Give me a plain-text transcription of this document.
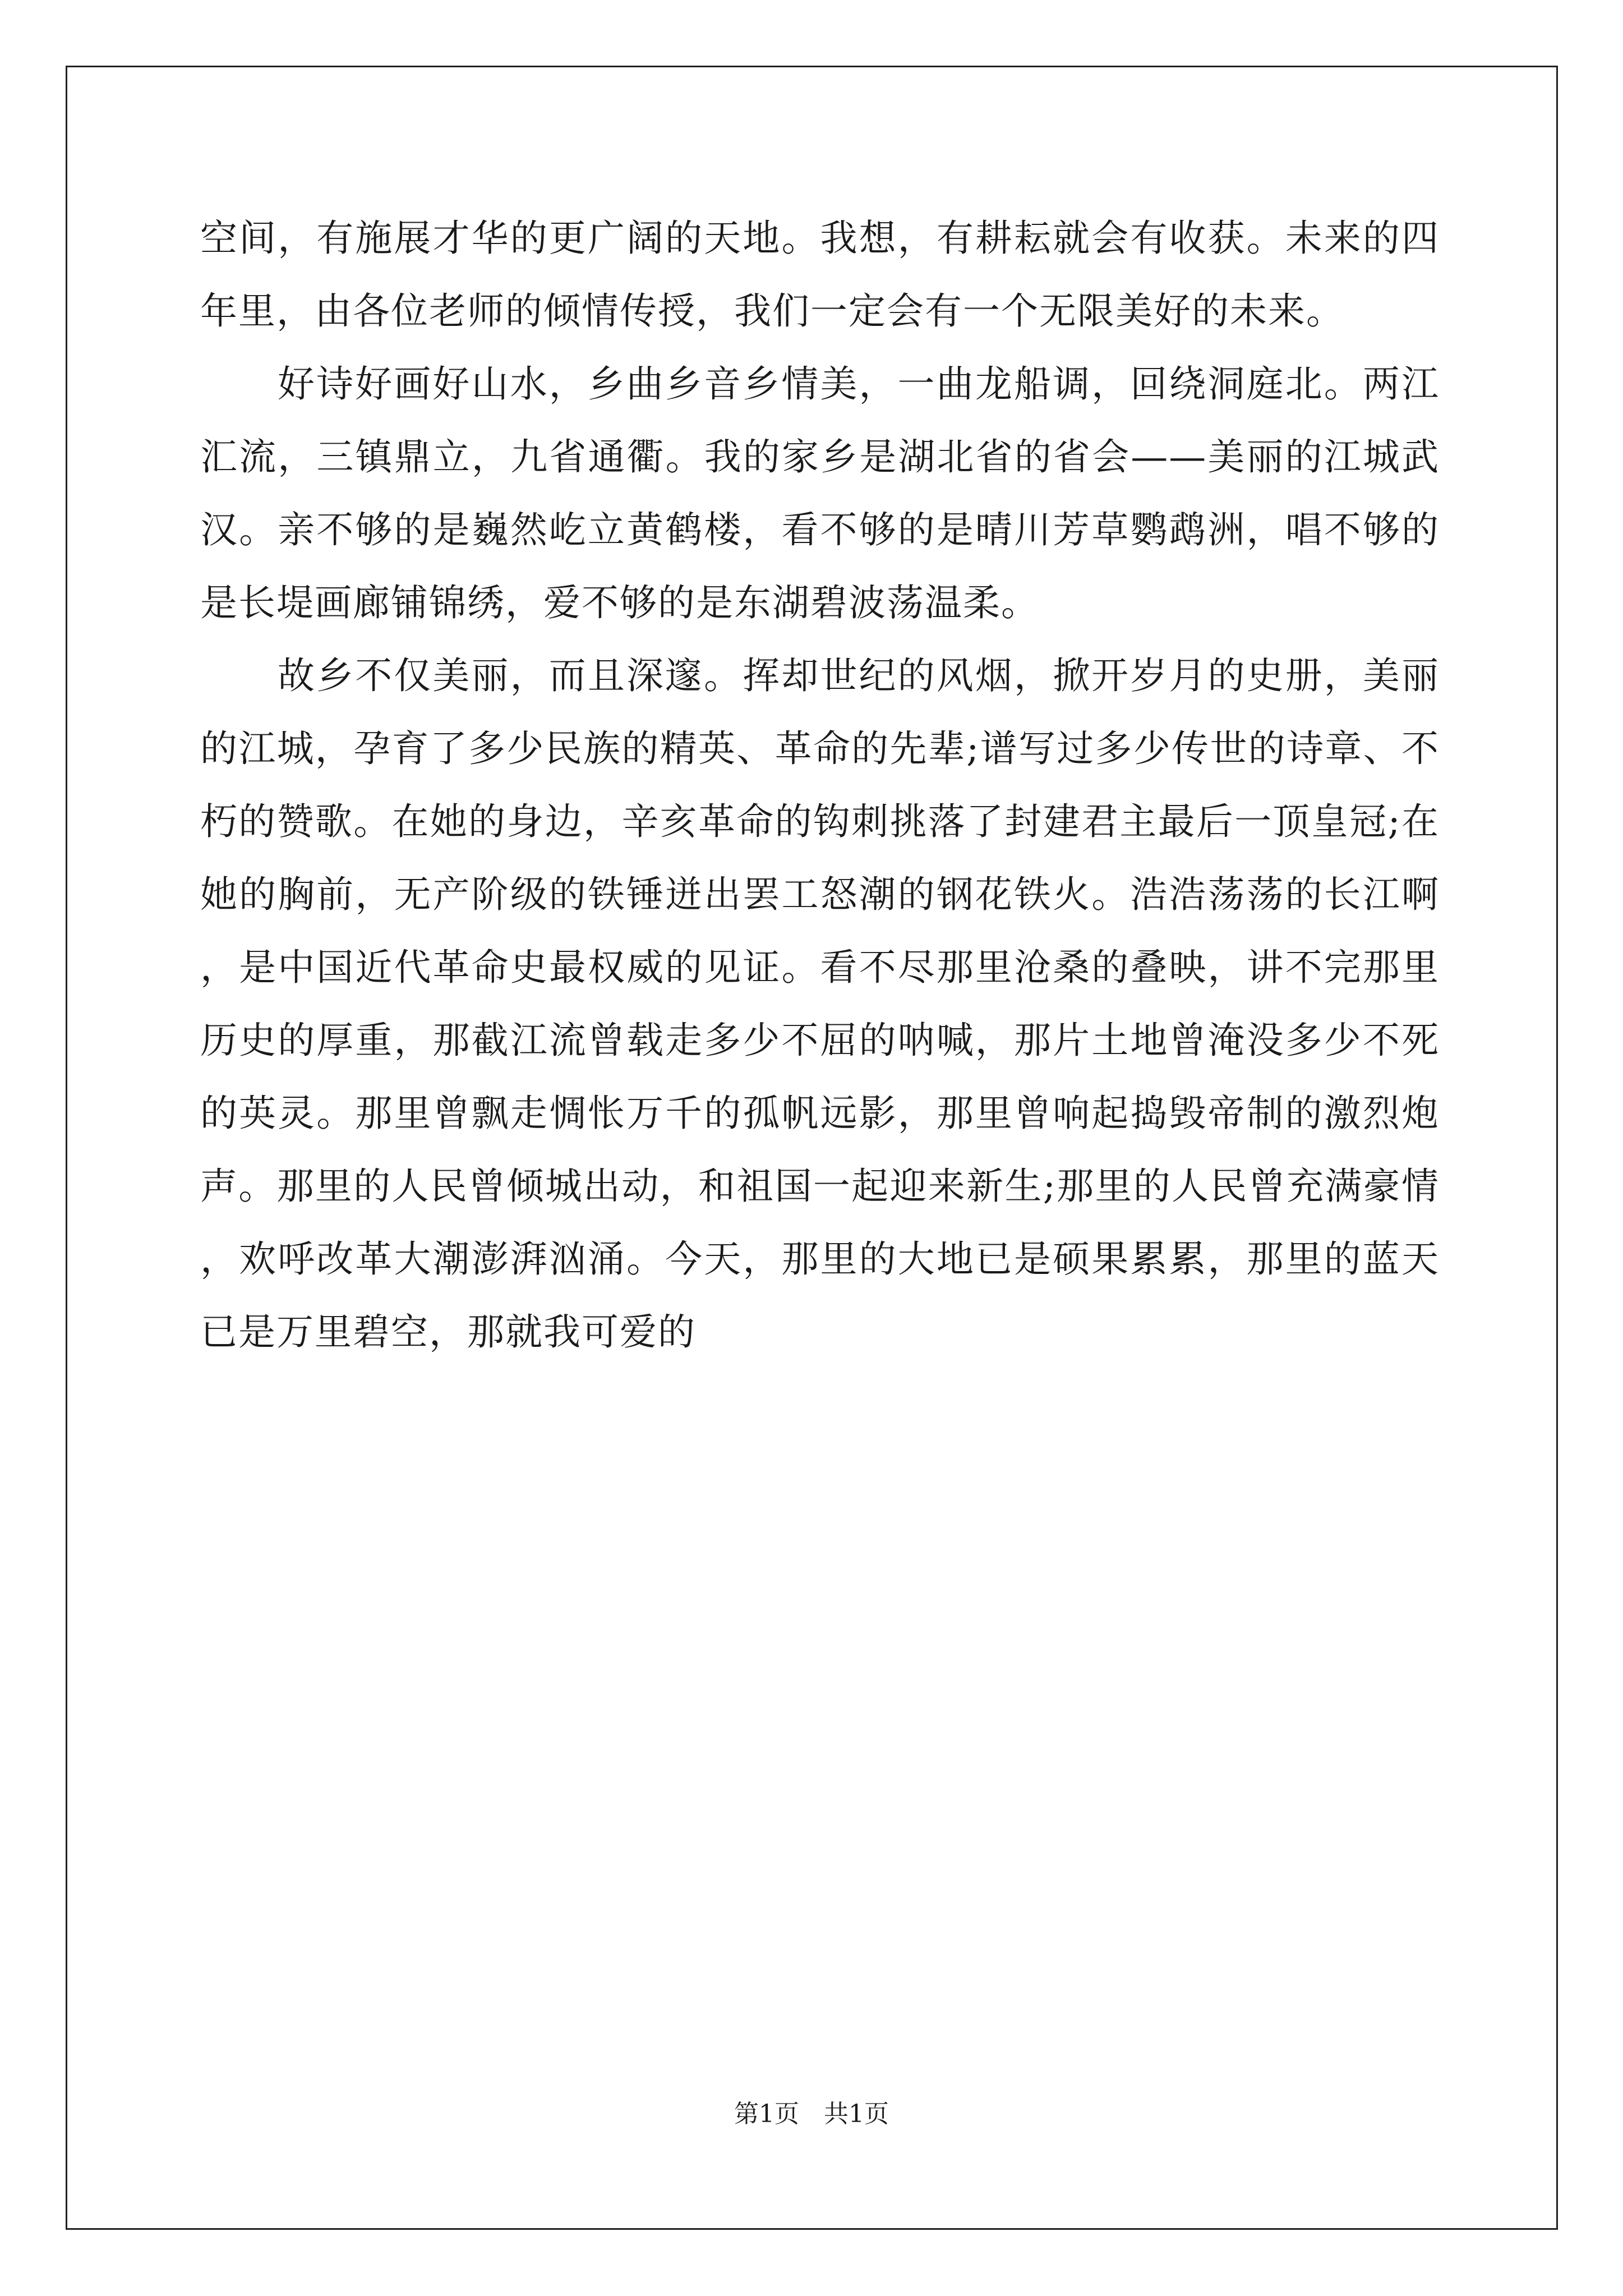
空间，有施展才华的更广阔的天地。我想，有耕耘就会有收获。未来的四年里，由各位老师的倾情传授，我们一定会有一个无限美好的未来。

好诗好画好山水，乡曲乡音乡情美，一曲龙船调，回绕洞庭北。两江汇流，三镇鼎立，九省通衢。我的家乡是湖北省的省会——美丽的江城武汉。亲不够的是巍然屹立黄鹤楼，看不够的是晴川芳草鹦鹉洲，唱不够的是长堤画廊铺锦绣，爱不够的是东湖碧波荡温柔。

故乡不仅美丽，而且深邃。挥却世纪的风烟，掀开岁月的史册，美丽的江城，孕育了多少民族的精英、革命的先辈;谱写过多少传世的诗章、不朽的赞歌。在她的身边，辛亥革命的钩刺挑落了封建君主最后一顶皇冠;在她的胸前，无产阶级的铁锤迸出罢工怒潮的钢花铁火。浩浩荡荡的长江啊，是中国近代革命史最权威的见证。看不尽那里沧桑的叠映，讲不完那里历史的厚重，那截江流曾载走多少不屈的呐喊，那片土地曾淹没多少不死的英灵。那里曾飘走惆怅万千的孤帆远影，那里曾响起捣毁帝制的激烈炮声。那里的人民曾倾城出动，和祖国一起迎来新生;那里的人民曾充满豪情，欢呼改革大潮澎湃汹涌。今天，那里的大地已是硕果累累，那里的蓝天已是万里碧空，那就我可爱的

第1页 共1页
